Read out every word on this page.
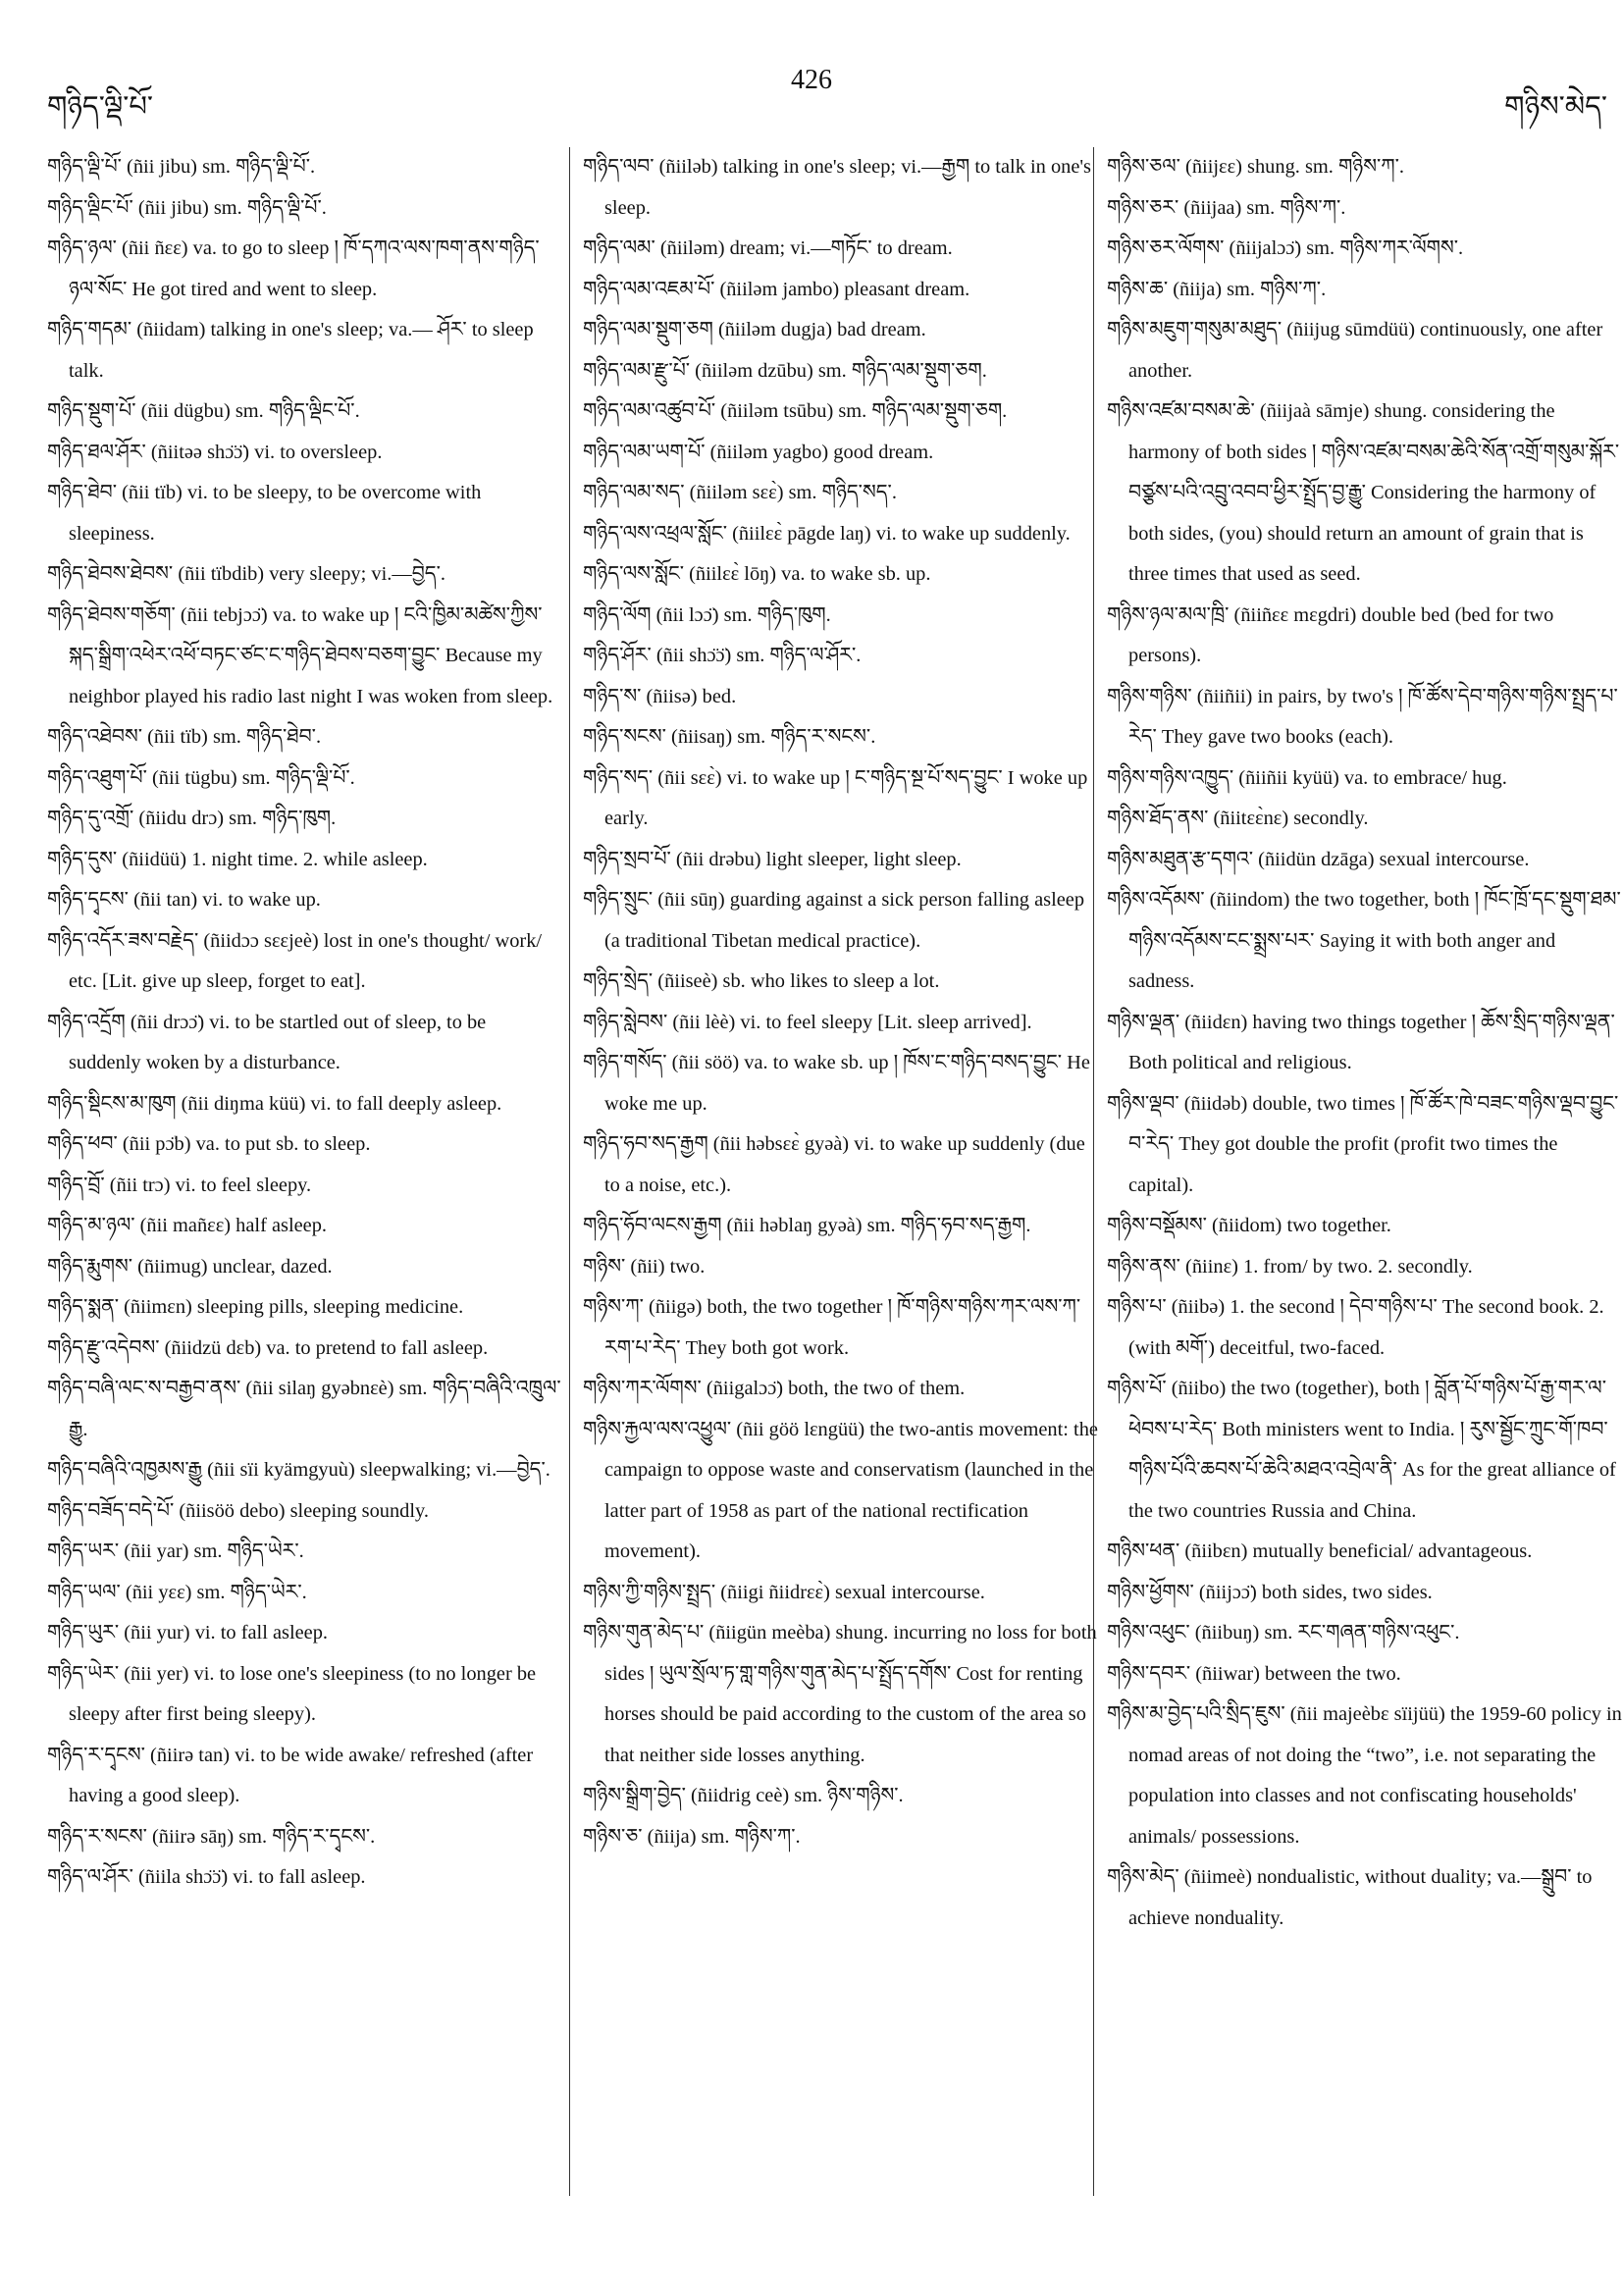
གཉིད་ལྡི་པོ་
426
གཉིས་མེད་

གཉིད་ལྡི་པོ་ (ñii jibu) sm. གཉིད་ལྡི་པོ་.

གཉིད་ལྡིང་པོ་ (ñii jibu) sm. གཉིད་ལྡི་པོ་.

གཉིད་ཉལ་ (ñii ñɛɛ) va. to go to sleep ། ཁོ་དཀའ་ལས་ཁག་ནས་གཉིད་ཉལ་སོང་ He got tired and went to sleep.

གཉིད་གདམ་ (ñiidam) talking in one's sleep; va.— ཤོར་ to sleep talk.

གཉིད་སྡུག་པོ་ (ñii dügbu) sm. གཉིད་ལྡིང་པོ་.

གཉིད་ཐལ་ཤོར་ (ñiitəə shɔ̈ɔ̈) vi. to oversleep.

གཉིད་ཐེབ་ (ñii tïb) vi. to be sleepy, to be overcome with sleepiness.

གཉིད་ཐེབས་ཐེབས་ (ñii tïbdib) very sleepy; vi.—བྱེད་.

གཉིད་ཐེབས་གཅོག་ (ñii tebjɔɔ̈) va. to wake up ། ངའི་ཁྱིམ་མཚེས་ཀྱིས་སྐད་སྒྲིག་འཕེར་འཕོ་བཏང་ཙང་ང་གཉིད་ཐེབས་བཅག་བྱུང་ Because my neighbor played his radio last night I was woken from sleep.

གཉིད་འཐེབས་ (ñii tïb) sm. གཉིད་ཐེབ་.

གཉིད་འཐུག་པོ་ (ñii tügbu) sm. གཉིད་ལྡི་པོ་.

གཉིད་དུ་འགྲོ་ (ñiidu drɔ) sm. གཉིད་ཁུག.

གཉིད་དུས་ (ñiidüü) 1. night time. 2. while asleep.

གཉིད་དྭངས་ (ñii tan) vi. to wake up.

གཉིད་འདོར་ཟས་བརྗེད་ (ñiidɔɔ sɛɛjeè) lost in one's thought/ work/ etc. [Lit. give up sleep, forget to eat].

གཉིད་འདྲོག (ñii drɔɔ̈) vi. to be startled out of sleep, to be suddenly woken by a disturbance.

གཉིད་སྡིངས་མ་ཁུག (ñii diŋma küü) vi. to fall deeply asleep.

གཉིད་ཕབ་ (ñii pɔ̈b) va. to put sb. to sleep.

གཉིད་བྲོ་ (ñii trɔ) vi. to feel sleepy.

གཉིད་མ་ཉལ་ (ñii mañɛɛ) half asleep.

གཉིད་རྨུགས་ (ñiimug) unclear, dazed.

གཉིད་སྨན་ (ñiimɛn) sleeping pills, sleeping medicine.

གཉིད་རྫུ་འདེབས་ (ñiidzü dɛb) va. to pretend to fall asleep.

གཉིད་བཞི་ལང་ས་བརྒྱབ་ནས་ (ñii silaŋ gyəbnɛè) sm. གཉིད་བཞིའི་འཁྲུལ་རྒྱུ.

གཉིད་བཞིའི་འཁྱམས་རྒྱུ (ñii sïi kyämgyuù) sleepwalking; vi.—བྱེད་.

གཉིད་བཟོད་བདེ་པོ་ (ñiisöö debo) sleeping soundly.

གཉིད་ཡར་ (ñii yar) sm. གཉིད་ཡེར་.

གཉིད་ཡལ་ (ñii yɛɛ) sm. གཉིད་ཡེར་.

གཉིད་ཡུར་ (ñii yur) vi. to fall asleep.

གཉིད་ཡེར་ (ñii yer) vi. to lose one's sleepiness (to no longer be sleepy after first being sleepy).

གཉིད་ར་དྭངས་ (ñiirə tan) vi. to be wide awake/ refreshed (after having a good sleep).

གཉིད་ར་སངས་ (ñiirə sāŋ) sm. གཉིད་ར་དྭངས་.

གཉིད་ལ་ཤོར་ (ñiila shɔ̈ɔ̈) vi. to fall asleep.

གཉིད་ལབ་ (ñiiləb) talking in one's sleep; vi.—རྒྱག to talk in one's sleep.

གཉིད་ལམ་ (ñiiləm) dream; vi.—གཏོང་ to dream.

གཉིད་ལམ་འཇམ་པོ་ (ñiiləm jambo) pleasant dream.

གཉིད་ལམ་སྡུག་ཅག (ñiiləm dugja) bad dream.

གཉིད་ལམ་རྫུ་པོ་ (ñiiləm dzūbu) sm. གཉིད་ལམ་སྡུག་ཅག.

གཉིད་ལམ་འཚུབ་པོ་ (ñiiləm tsūbu) sm. གཉིད་ལམ་སྡུག་ཅག.

གཉིད་ལམ་ཡག་པོ་ (ñiiləm yagbo) good dream.

གཉིད་ལམ་སད་ (ñiiləm sɛɛ̀) sm. གཉིད་སད་.

གཉིད་ལས་འཕྲལ་སློང་ (ñiilɛɛ̀ pāgde laŋ) vi. to wake up suddenly.

གཉིད་ལས་སློང་ (ñiilɛɛ̀ lōŋ) va. to wake sb. up.

གཉིད་ལོག (ñii lɔɔ̈) sm. གཉིད་ཁུག.

གཉིད་ཤོར་ (ñii shɔ̈ɔ̈) sm. གཉིད་ལ་ཤོར་.

གཉིད་ས་ (ñiisə) bed.

གཉིད་སངས་ (ñiisaŋ) sm. གཉིད་ར་སངས་.

གཉིད་སད་ (ñii sɛɛ̀) vi. to wake up ། ང་གཉིད་སྔ་པོ་སད་བྱུང་ I woke up early.

གཉིད་སྲབ་པོ་ (ñii drəbu) light sleeper, light sleep.

གཉིད་སྲུང་ (ñii sūŋ) guarding against a sick person falling asleep (a traditional Tibetan medical practice).

གཉིད་སྲེད་ (ñiiseè) sb. who likes to sleep a lot.

གཉིད་སླེབས་ (ñii lèè) vi. to feel sleepy [Lit. sleep arrived].

གཉིད་གསོད་ (ñii söö) va. to wake sb. up ། ཁོས་ང་གཉིད་བསད་བྱུང་ He woke me up.

གཉིད་ཧབ་སད་རྒྱག (ñii həbsɛɛ̀ gyəà) vi. to wake up suddenly (due to a noise, etc.).

གཉིད་ཧོབ་ལངས་རྒྱག (ñii həblaŋ gyəà) sm. གཉིད་ཧབ་སད་རྒྱག.

གཉིས་ (ñii) two.

གཉིས་ཀ་ (ñiigə) both, the two together ། ཁོ་གཉིས་གཉིས་ཀར་ལས་ཀ་རག་པ་རེད་ They both got work.

གཉིས་ཀར་ལོགས་ (ñiigalɔɔ̈) both, the two of them.

གཉིས་རྐྱལ་ལས་འཕྱུལ་ (ñii göö lɛngüü) the two-antis movement: the campaign to oppose waste and conservatism (launched in the latter part of 1958 as part of the national rectification movement).

གཉིས་ཀྱི་གཉིས་སྤྲད་ (ñiigi ñiidrɛɛ̀) sexual intercourse.

གཉིས་གུན་མེད་པ་ (ñiigün meèba) shung. incurring no loss for both sides ། ཡུལ་སྲོལ་ཏ་གླ་གཉིས་གུན་མེད་པ་སྤྲོད་དགོས་ Cost for renting horses should be paid according to the custom of the area so that neither side losses anything.

གཉིས་སྒྲིག་བྱེད་ (ñiidrig ceè) sm. ཉིས་གཉིས་.

གཉིས་ཅ་ (ñiija) sm. གཉིས་ཀ་.

གཉིས་ཅལ་ (ñiijɛɛ) shung. sm. གཉིས་ཀ་.

གཉིས་ཅར་ (ñiijaa) sm. གཉིས་ཀ་.

གཉིས་ཅར་ལོགས་ (ñiijalɔɔ̈) sm. གཉིས་ཀར་ལོགས་.

གཉིས་ཆ་ (ñiija) sm. གཉིས་ཀ་.

གཉིས་མཇུག་གསུམ་མཐུད་ (ñiijug sūmdüü) continuously, one after another.

གཉིས་འཛམ་བསམ་ཆེ་ (ñiijaà sāmje) shung. considering the harmony of both sides ། གཉིས་འཛམ་བསམ་ཆེའི་སོན་འགྲོ་གསུམ་སྐོར་བཙྩས་པའི་འབྲུ་འབབ་ཕྱིར་སྤྲོད་བྱ་རྒྱུ་ Considering the harmony of both sides, (you) should return an amount of grain that is three times that used as seed.

གཉིས་ཉལ་མལ་ཁྲི་ (ñiiñɛɛ mɛgdri) double bed (bed for two persons).

གཉིས་གཉིས་ (ñiiñii) in pairs, by two's ། ཁོ་ཚོས་དེབ་གཉིས་གཉིས་སྤྲད་པ་རེད་ They gave two books (each).

གཉིས་གཉིས་འཁྱུད་ (ñiiñii kyüü) va. to embrace/ hug.

གཉིས་ཐོད་ནས་ (ñiitɛɛ̀nɛ) secondly.

གཉིས་མཐུན་རྩ་དགའ་ (ñiidün dzāga) sexual intercourse.

གཉིས་འདོམས་ (ñiindom) the two together, both ། ཁོང་ཁྲོ་དང་སྡུག་ཐམ་གཉིས་འདོམས་ངང་སྨྲས་པར་ Saying it with both anger and sadness.

གཉིས་ལྡན་ (ñiidɛn) having two things together ། ཆོས་སྲིད་གཉིས་ལྡན་ Both political and religious.

གཉིས་ལྡབ་ (ñiidəb) double, two times ། ཁོ་ཚོར་ཁེ་བཟང་གཉིས་ལྡབ་བྱུང་བ་རེད་ They got double the profit (profit two times the capital).

གཉིས་བསྡོམས་ (ñiidom) two together.

གཉིས་ནས་ (ñiinɛ) 1. from/ by two. 2. secondly.

གཉིས་པ་ (ñiibə) 1. the second ། དེབ་གཉིས་པ་ The second book. 2. (with མགོ་) deceitful, two-faced.

གཉིས་པོ་ (ñiibo) the two (together), both ། བློན་པོ་གཉིས་པོ་རྒྱ་གར་ལ་ཕེབས་པ་རེད་ Both ministers went to India. ། རུས་སྦྱོང་ཀྲུང་གོ་ཁབ་གཉིས་པོའི་ཆབས་པོ་ཆེའི་མཐའ་འབྲེལ་ནི་ As for the great alliance of the two countries Russia and China.

གཉིས་ཕན་ (ñiibɛn) mutually beneficial/ advantageous.

གཉིས་ཕྱོགས་ (ñiijɔɔ̈) both sides, two sides.

གཉིས་འཕུང་ (ñiibuŋ) sm. རང་གཞན་གཉིས་འཕུང་.

གཉིས་དབར་ (ñiiwar) between the two.

གཉིས་མ་བྱེད་པའི་སྲིད་ཇུས་ (ñii majeèbɛ sïijüü) the 1959-60 policy in nomad areas of not doing the “two”, i.e. not separating the population into classes and not confiscating households' animals/ possessions.

གཉིས་མེད་ (ñiimeè) nondualistic, without duality; va.—སྒྲུབ་ to achieve nonduality.
